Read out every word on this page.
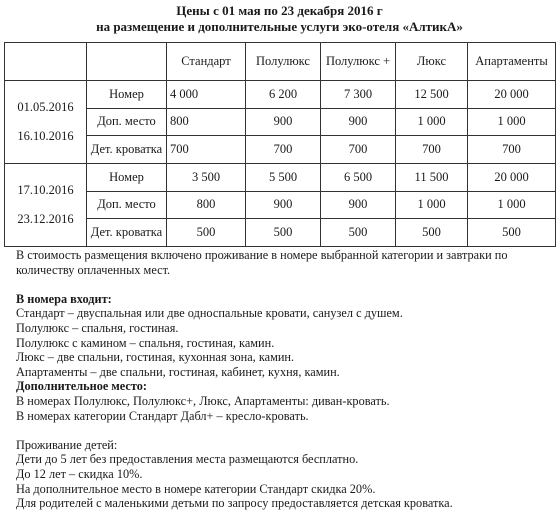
Цены с 01 мая по 23 декабря 2016 г
на размещение и дополнительные услуги эко-отеля «АлтикА»
		Стандарт	Полулюкс	Полулюкс +	Люкс	Апартаменты

01.05.2016
16.10.2016	Номер	4 000	6 200	7 300	12 500	20 000
	Доп. место	800	900	900	1 000	1 000
	Дет. кроватка	700	700	700	700	700

17.10.2016
23.12.2016	Номер	3 500	5 500	6 500	11 500	20 000
	Доп. место	800	900	900	1 000	1 000
	Дет. кроватка	500	500	500	500	500

В стоимость размещения включено проживание в номере выбранной категории и завтраки по

количеству оплаченных мест.

В номера входит:

Стандарт – двуспальная или две односпальные кровати, санузел с душем.

Полулюкс – спальня, гостиная.

Полулюкс с камином – спальня, гостиная, камин.

Люкс – две спальни, гостиная, кухонная зона, камин.

Апартаменты – две спальни, гостиная, кабинет, кухня, камин.

Дополнительное место:

В номерах Полулюкс, Полулюкс+, Люкс, Апартаменты: диван-кровать.

В номерах категории Стандарт Дабл+ – кресло-кровать.

Проживание детей:

Дети до 5 лет без предоставления места размещаются бесплатно.

До 12 лет – скидка 10%.

На дополнительное место в номере категории Стандарт скидка 20%.

Для родителей с маленькими детьми по запросу предоставляется детская кроватка.
